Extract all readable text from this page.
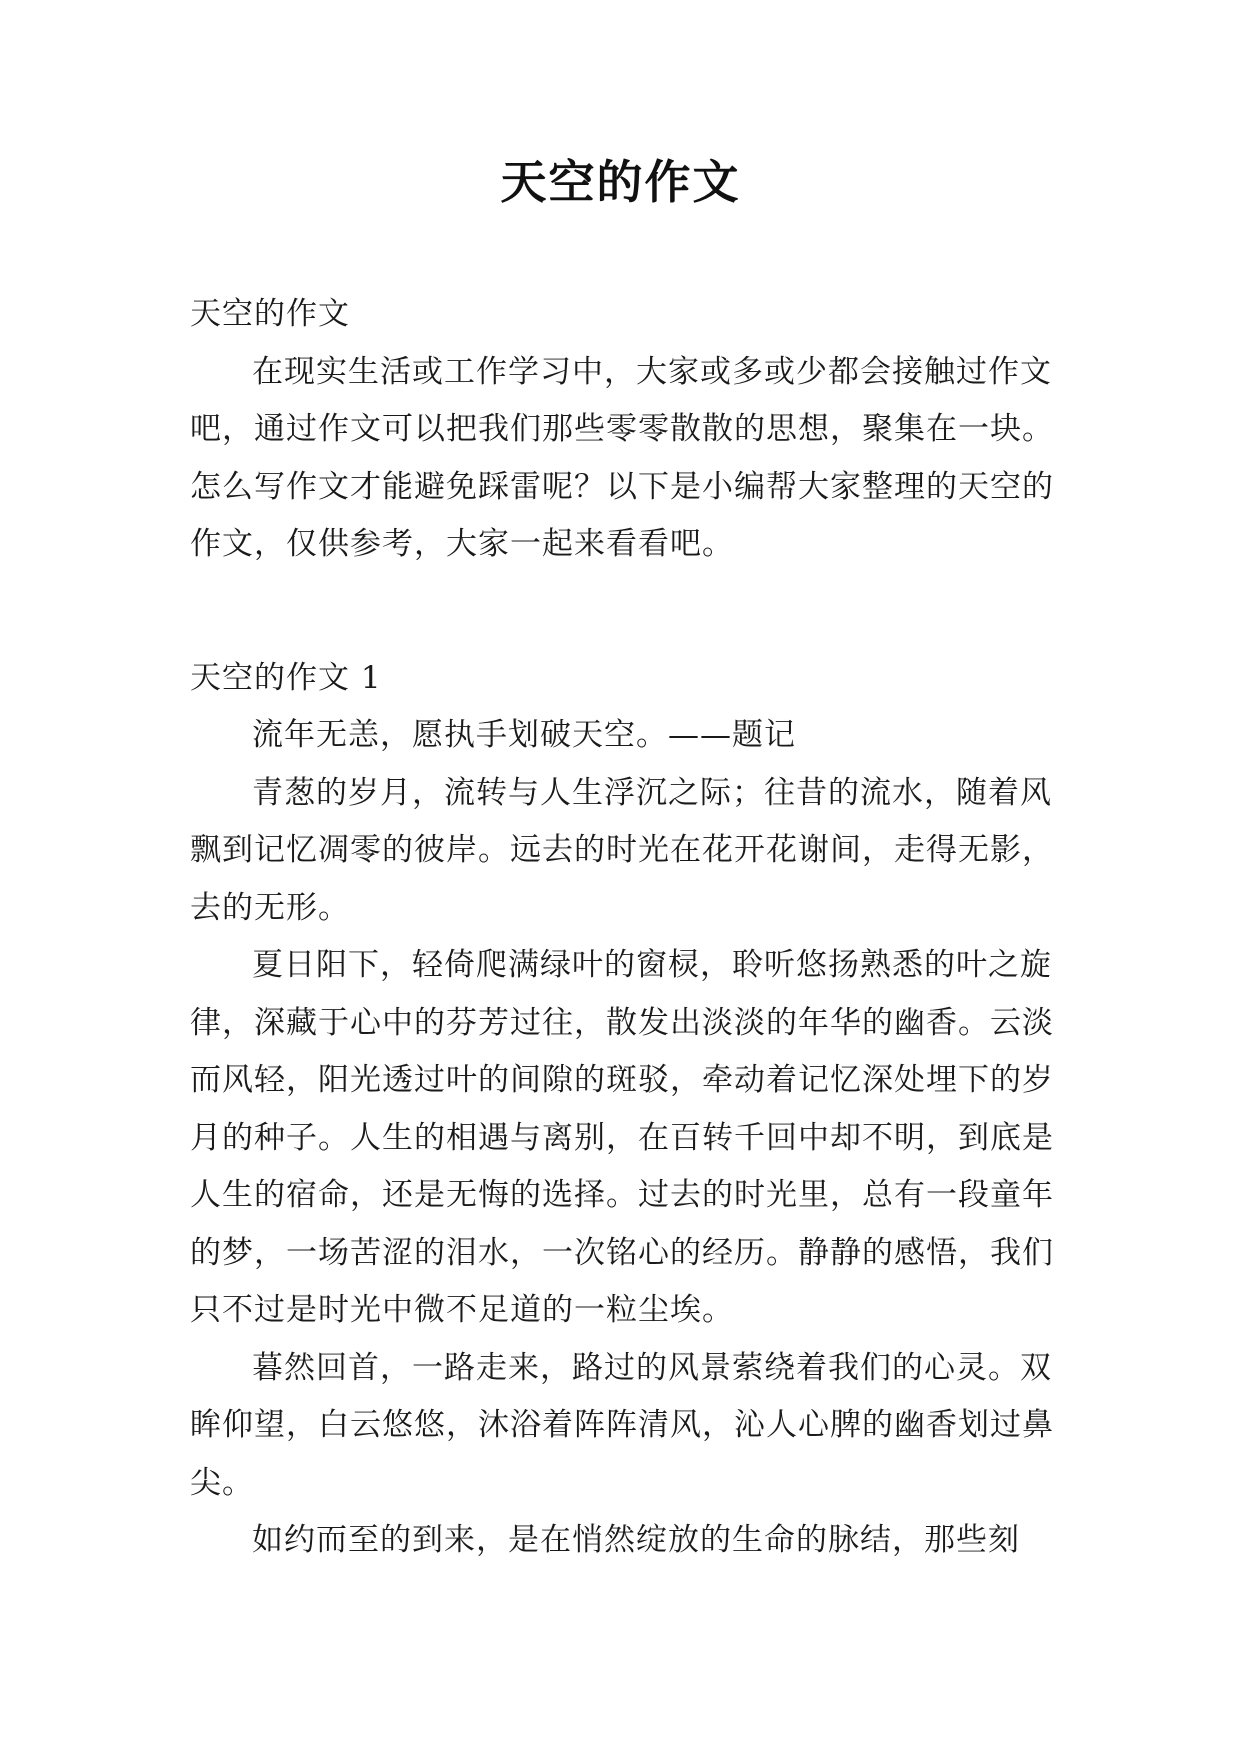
天空的作文

天空的作文

在现实生活或工作学习中，大家或多或少都会接触过作文吧，通过作文可以把我们那些零零散散的思想，聚集在一块。怎么写作文才能避免踩雷呢？以下是小编帮大家整理的天空的作文，仅供参考，大家一起来看看吧。

天空的作文 1

流年无恙，愿执手划破天空。——题记

青葱的岁月，流转与人生浮沉之际；往昔的流水，随着风飘到记忆凋零的彼岸。远去的时光在花开花谢间，走得无影，去的无形。

夏日阳下，轻倚爬满绿叶的窗棂，聆听悠扬熟悉的叶之旋律，深藏于心中的芬芳过往，散发出淡淡的年华的幽香。云淡而风轻，阳光透过叶的间隙的斑驳，牵动着记忆深处埋下的岁月的种子。人生的相遇与离别，在百转千回中却不明，到底是人生的宿命，还是无悔的选择。过去的时光里，总有一段童年的梦，一场苦涩的泪水，一次铭心的经历。静静的感悟，我们只不过是时光中微不足道的一粒尘埃。

暮然回首，一路走来，路过的风景萦绕着我们的心灵。双眸仰望，白云悠悠，沐浴着阵阵清风，沁人心脾的幽香划过鼻尖。

如约而至的到来，是在悄然绽放的生命的脉结，那些刻
